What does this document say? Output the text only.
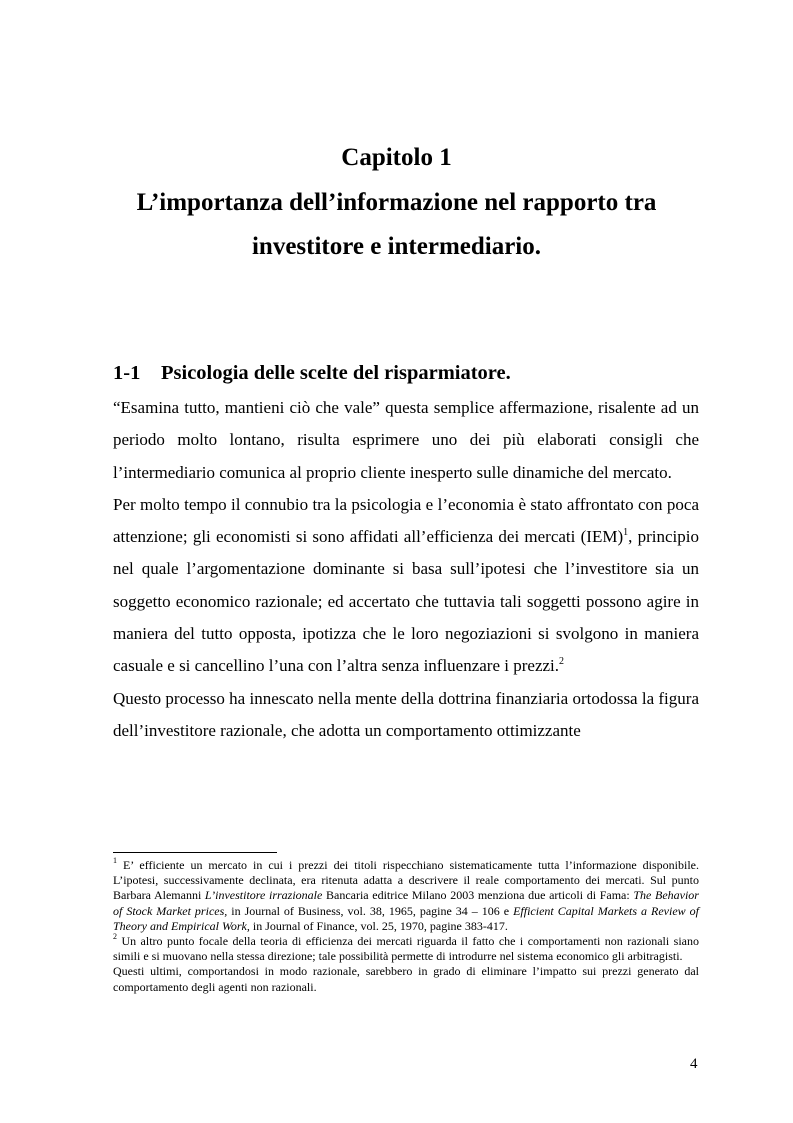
Capitolo 1
L’importanza dell’informazione nel rapporto tra
investitore e intermediario.
1-1 Psicologia delle scelte del risparmiatore.

“Esamina tutto, mantieni ciò che vale” questa semplice affermazione, risalente ad un periodo molto lontano, risulta esprimere uno dei più elaborati consigli che l’intermediario comunica al proprio cliente inesperto sulle dinamiche del mercato.

Per molto tempo il connubio tra la psicologia e l’economia è stato affrontato con poca attenzione; gli economisti si sono affidati all’efficienza dei mercati (IEM)$^1$, principio nel quale l’argomentazione dominante si basa sull’ipotesi che l’investitore sia un soggetto economico razionale; ed accertato che tuttavia tali soggetti possono agire in maniera del tutto opposta, ipotizza che le loro negoziazioni si svolgono in maniera casuale e si cancellino l’una con l’altra senza influenzare i prezzi.$^2$

Questo processo ha innescato nella mente della dottrina finanziaria ortodossa la figura dell’investitore razionale, che adotta un comportamento ottimizzante

$^1$ E’ efficiente un mercato in cui i prezzi dei titoli rispecchiano sistematicamente tutta l’informazione disponibile. L’ipotesi, successivamente declinata, era ritenuta adatta a descrivere il reale comportamento dei mercati. Sul punto Barbara Alemanni L’investitore irrazionale Bancaria editrice Milano 2003 menziona due articoli di Fama: The Behavior of Stock Market prices, in Journal of Business, vol. 38, 1965, pagine 34 – 106 e Efficient Capital Markets a Review of Theory and Empirical Work, in Journal of Finance, vol. 25, 1970, pagine 383-417.

$^2$ Un altro punto focale della teoria di efficienza dei mercati riguarda il fatto che i comportamenti non razionali siano simili e si muovano nella stessa direzione; tale possibilità permette di introdurre nel sistema economico gli arbitragisti.

Questi ultimi, comportandosi in modo razionale, sarebbero in grado di eliminare l’impatto sui prezzi generato dal comportamento degli agenti non razionali.

4
